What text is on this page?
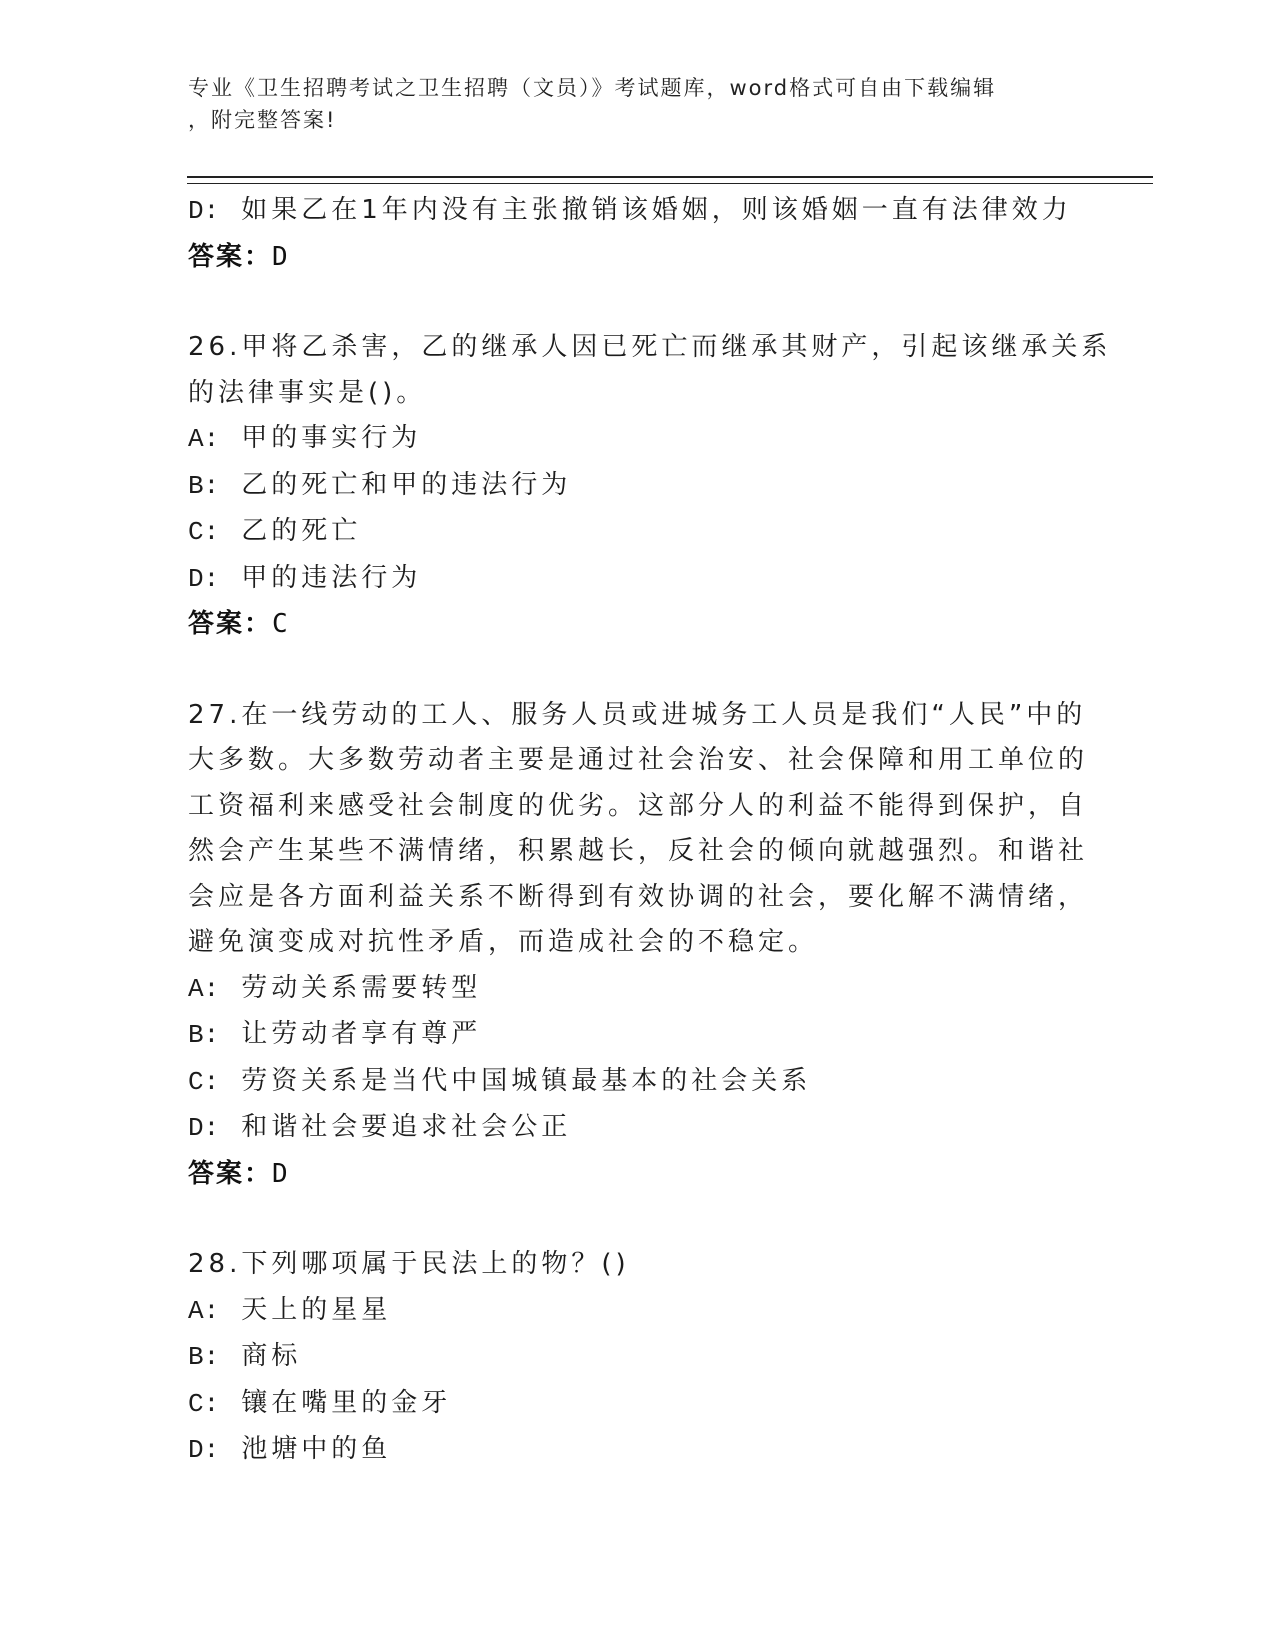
专业《卫生招聘考试之卫生招聘（文员）》考试题库，word格式可自由下载编辑
，附完整答案!
D: 如果乙在1年内没有主张撤销该婚姻，则该婚姻一直有法律效力
答案：D
26.甲将乙杀害，乙的继承人因已死亡而继承其财产，引起该继承关系
的法律事实是()。
A: 甲的事实行为
B: 乙的死亡和甲的违法行为
C: 乙的死亡
D: 甲的违法行为
答案：C
27.在一线劳动的工人、服务人员或进城务工人员是我们“人民”中的
大多数。大多数劳动者主要是通过社会治安、社会保障和用工单位的
工资福利来感受社会制度的优劣。这部分人的利益不能得到保护，自
然会产生某些不满情绪，积累越长，反社会的倾向就越强烈。和谐社
会应是各方面利益关系不断得到有效协调的社会，要化解不满情绪，
避免演变成对抗性矛盾，而造成社会的不稳定。
A: 劳动关系需要转型
B: 让劳动者享有尊严
C: 劳资关系是当代中国城镇最基本的社会关系
D: 和谐社会要追求社会公正
答案：D
28.下列哪项属于民法上的物？()
A: 天上的星星
B: 商标
C: 镶在嘴里的金牙
D: 池塘中的鱼
